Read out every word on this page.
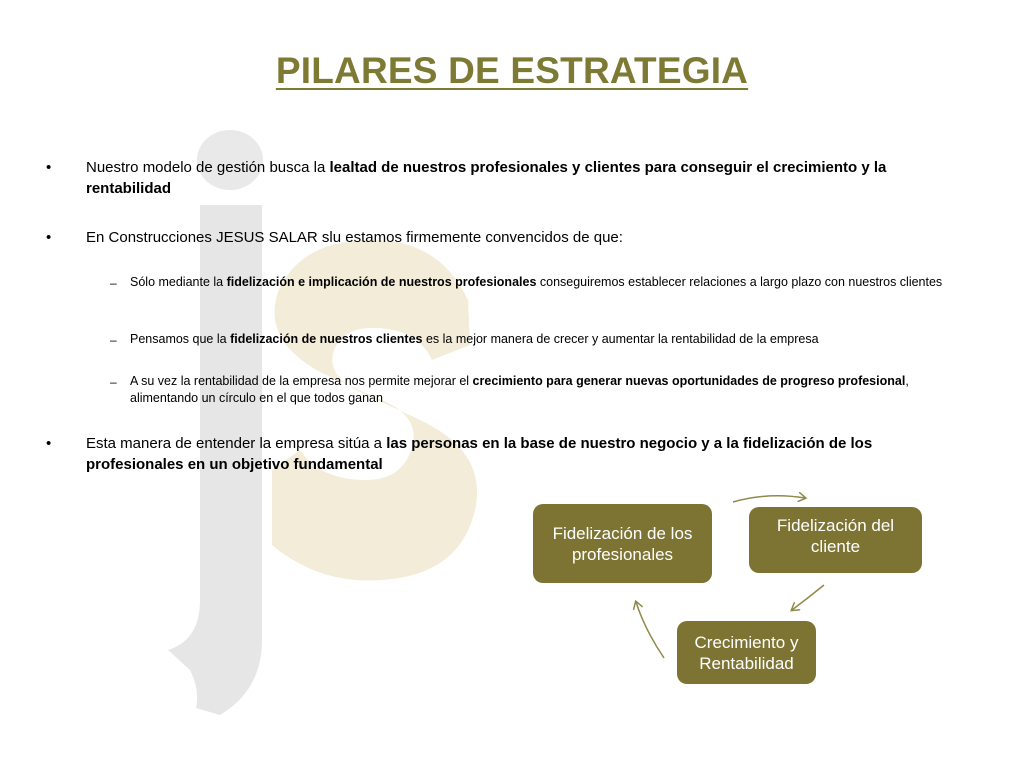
PILARES DE ESTRATEGIA
• Nuestro modelo de gestión busca la lealtad de nuestros profesionales y clientes para conseguir el crecimiento y la rentabilidad
• En Construcciones JESUS SALAR slu estamos firmemente convencidos de que:
– Sólo mediante la fidelización e implicación de nuestros profesionales conseguiremos establecer relaciones a largo plazo con nuestros clientes
– Pensamos que la fidelización de nuestros clientes es la mejor manera de crecer y aumentar la rentabilidad de la empresa
– A su vez la rentabilidad de la empresa nos permite mejorar el crecimiento para generar nuevas oportunidades de progreso profesional, alimentando un círculo en el que todos ganan
• Esta manera de entender la empresa sitúa a las personas en la base de nuestro negocio y a la fidelización de los profesionales en un objetivo fundamental
Fidelización de los profesionales
Fidelización del cliente
Crecimiento y Rentabilidad
